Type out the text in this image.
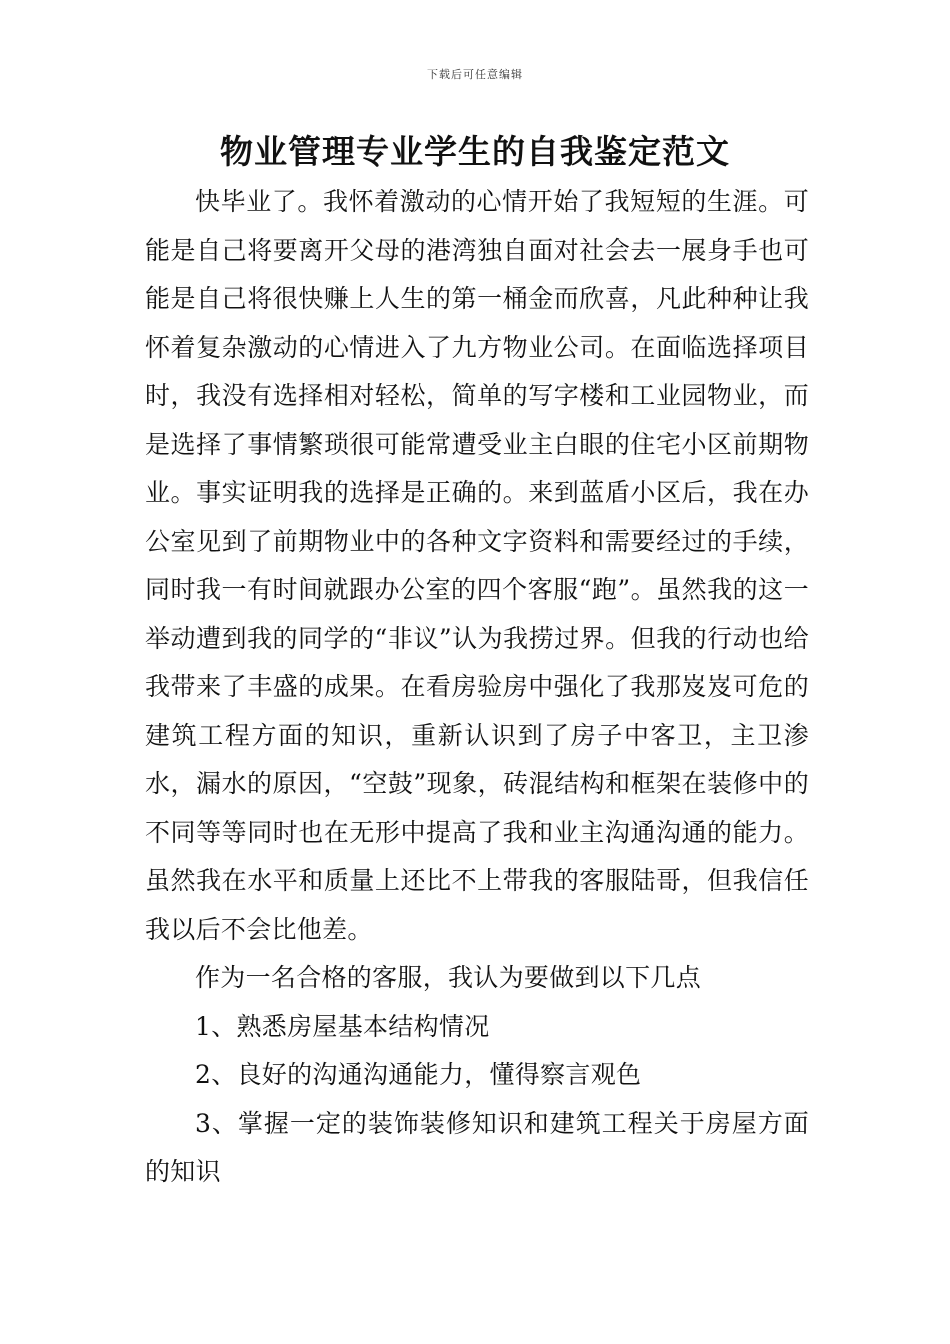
下载后可任意编辑
物业管理专业学生的自我鉴定范文

快毕业了。我怀着激动的心情开始了我短短的生涯。可能是自己将要离开父母的港湾独自面对社会去一展身手也可能是自己将很快赚上人生的第一桶金而欣喜，凡此种种让我怀着复杂激动的心情进入了九方物业公司。在面临选择项目时，我没有选择相对轻松，简单的写字楼和工业园物业，而是选择了事情繁琐很可能常遭受业主白眼的住宅小区前期物业。事实证明我的选择是正确的。来到蓝盾小区后，我在办公室见到了前期物业中的各种文字资料和需要经过的手续，同时我一有时间就跟办公室的四个客服“跑”。虽然我的这一举动遭到我的同学的“非议”认为我捞过界。但我的行动也给我带来了丰盛的成果。在看房验房中强化了我那岌岌可危的建筑工程方面的知识，重新认识到了房子中客卫，主卫渗水，漏水的原因，“空鼓”现象，砖混结构和框架在装修中的不同等等同时也在无形中提高了我和业主沟通沟通的能力。虽然我在水平和质量上还比不上带我的客服陆哥，但我信任我以后不会比他差。

作为一名合格的客服，我认为要做到以下几点

1、熟悉房屋基本结构情况

2、良好的沟通沟通能力，懂得察言观色

3、掌握一定的装饰装修知识和建筑工程关于房屋方面的知识
